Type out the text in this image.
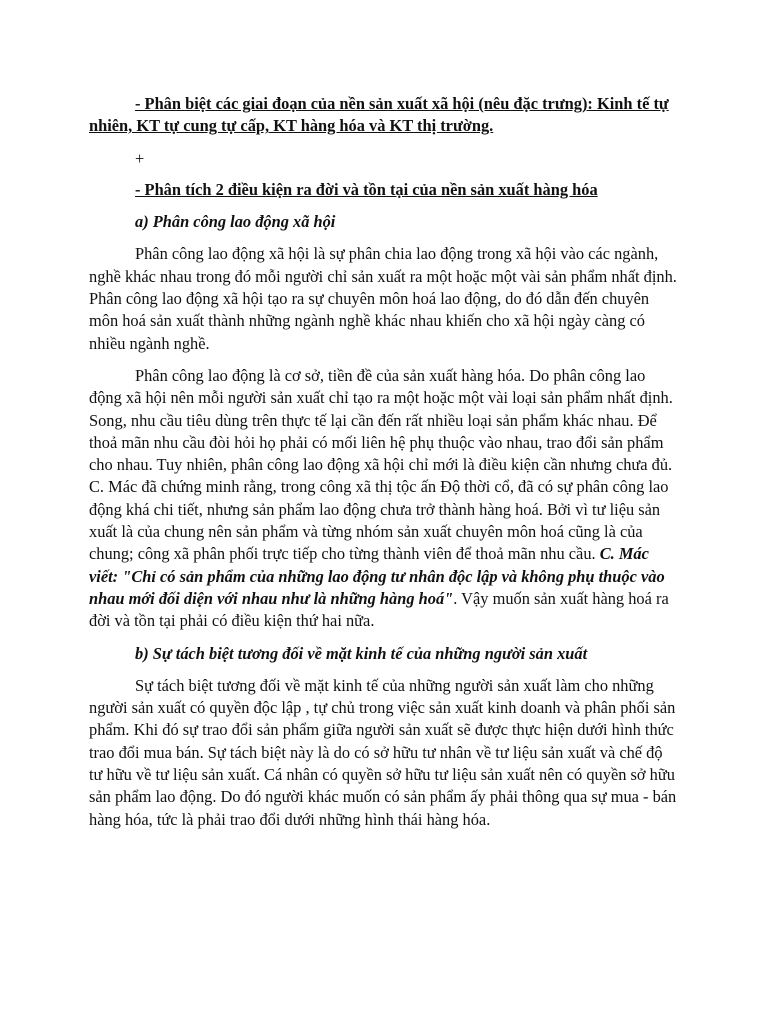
- Phân biệt các giai đoạn của nền sản xuất xã hội (nêu đặc trưng): Kinh tế tự nhiên, KT tự cung tự cấp, KT hàng hóa và KT thị trường.

+

- Phân tích 2 điều kiện ra đời và tồn tại của nền sản xuất hàng hóa

a) Phân công lao động xã hội

Phân công lao động xã hội là sự phân chia lao động trong xã hội vào các ngành, nghề khác nhau trong đó mỗi người chỉ sản xuất ra một hoặc một vài sản phẩm nhất định. Phân công lao động xã hội tạo ra sự chuyên môn hoá lao động, do đó dẫn đến chuyên môn hoá sản xuất thành những ngành nghề khác nhau khiến cho xã hội ngày càng có nhiều ngành nghề.

Phân công lao động là cơ sở, tiền đề của sản xuất hàng hóa. Do phân công lao động xã hội nên mỗi người sản xuất chỉ tạo ra một hoặc một vài loại sản phẩm nhất định. Song, nhu cầu tiêu dùng trên thực tế lại cần đến rất nhiều loại sản phẩm khác nhau. Để thoả mãn nhu cầu đòi hỏi họ phải có mối liên hệ phụ thuộc vào nhau, trao đổi sản phẩm cho nhau. Tuy nhiên, phân công lao động xã hội chỉ mới là điều kiện cần nhưng chưa đủ. C. Mác đã chứng minh rằng, trong công xã thị tộc ấn Độ thời cổ, đã có sự phân công lao động khá chi tiết, nhưng sản phẩm lao động chưa trở thành hàng hoá. Bởi vì tư liệu sản xuất là của chung nên sản phẩm và từng nhóm sản xuất chuyên môn hoá cũng là của chung; công xã phân phối trực tiếp cho từng thành viên để thoả mãn nhu cầu. C. Mác viết: "Chỉ có sản phẩm của những lao động tư nhân độc lập và không phụ thuộc vào nhau mới đối diện với nhau như là những hàng hoá". Vậy muốn sản xuất hàng hoá ra đời và tồn tại phải có điều kiện thứ hai nữa.

b) Sự tách biệt tương đối về mặt kinh tế của những người sản xuất

Sự tách biệt tương đối về mặt kinh tế của những người sản xuất làm cho những người sản xuất có quyền độc lập , tự chủ trong việc sản xuất kinh doanh và phân phối sản phẩm. Khi đó sự trao đổi sản phẩm giữa người sản xuất sẽ được thực hiện dưới hình thức trao đổi mua bán. Sự tách biệt này là do có sở hữu tư nhân về tư liệu sản xuất và chế độ tư hữu về tư liệu sản xuất. Cá nhân có quyền sở hữu tư liệu sản xuất nên có quyền sở hữu sản phẩm lao động. Do đó người khác muốn có sản phẩm ấy phải thông qua sự mua - bán hàng hóa, tức là phải trao đổi dưới những hình thái hàng hóa.
